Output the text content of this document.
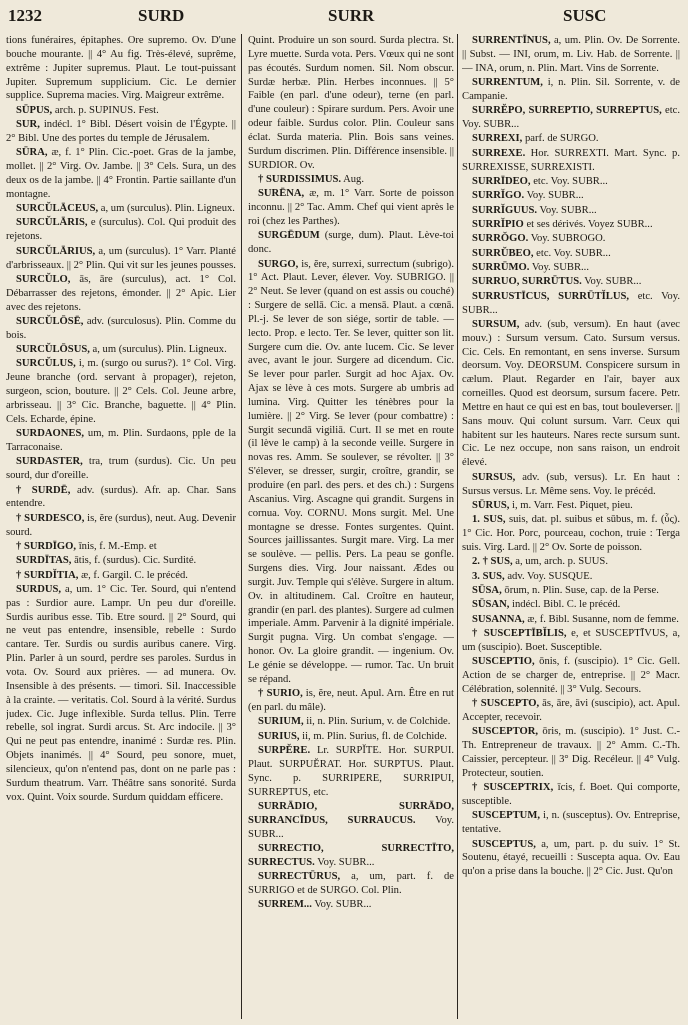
1232	SURD	SURR	SUSC

tions funéraires, épitaphes. Ore supremo. Ov. D'une bouche mourante. || 4° Au fig. Très-élevé, suprême, extrême : Jupiter supremus. Plaut. Le tout-puissant Jupiter. Supremum supplicium. Cic. Le dernier supplice. Suprema macies. Virg. Maigreur extrême.

SŪPUS, arch. p. SUPINUS. Fest.

SUR, indécl. 1° Bibl. Désert voisin de l'Égypte. || 2° Bibl. Une des portes du temple de Jérusalem.

SŪRA, æ, f. 1° Plin. Cic.-poet. Gras de la jambe, mollet. || 2° Virg. Ov. Jambe. || 3° Cels. Sura, un des deux os de la jambe. || 4° Frontin. Partie saillante d'un montagne.

SURCŬLĀCEUS, a, um (surculus). Plin. Ligneux.

SURCŬLĀRIS, e (surculus). Col. Qui produit des rejetons.

SURCŬLĀRIUS, a, um (surculus). 1° Varr. Planté d'arbrisseaux. || 2° Plin. Qui vit sur les jeunes pousses.

SURCŬLO, ās, āre (surculus), act. 1° Col. Débarrasser des rejetons, émonder. || 2° Apic. Lier avec des rejetons.

SURCŬLŌSĒ, adv. (surculosus). Plin. Comme du bois.

SURCŬLŌSUS, a, um (surculus). Plin. Ligneux.

SURCŬLUS, i, m. (surgo ou surus?). 1° Col. Virg. Jeune branche (ord. servant à propager), rejeton, surgeon, scion, bouture. || 2° Cels. Col. Jeune arbre, arbrisseau. || 3° Cic. Branche, baguette. || 4° Plin. Cels. Echarde, épine.

SURDAONES, um, m. Plin. Surdaons, pple de la Tarraconaise.

SURDASTER, tra, trum (surdus). Cic. Un peu sourd, dur d'oreille.

† SURDĒ, adv. (surdus). Afr. ap. Char. Sans entendre.

† SURDESCO, is, ĕre (surdus), neut. Aug. Devenir sourd.

† SURDĪGO, īnis, f. M.-Emp. et

SURDĪTAS, ātis, f. (surdus). Cic. Surdité.

† SURDĬTIA, æ, f. Gargil. C. le précéd.

SURDUS, a, um. 1° Cic. Ter. Sourd, qui n'entend pas : Surdior aure. Lampr. Un peu dur d'oreille. Surdis auribus esse. Tib. Etre sourd. || 2° Sourd, qui ne veut pas entendre, insensible, rebelle : Surdo cantare. Ter. Surdis ou surdis auribus canere. Virg. Plin. Parler à un sourd, perdre ses paroles. Surdus in vota. Ov. Sourd aux prières. — ad munera. Ov. Insensible à des présents. — timori. Sil. Inaccessible à la crainte. — veritatis. Col. Sourd à la vérité. Surdus judex. Cic. Juge inflexible. Surda tellus. Plin. Terre rebelle, sol ingrat. Surdi arcus. St. Arc indocile. || 3° Qui ne peut pas entendre, inanimé : Surdæ res. Plin. Objets inanimés. || 4° Sourd, peu sonore, muet, silencieux, qu'on n'entend pas, dont on ne parle pas : Surdum theatrum. Varr. Théâtre sans sonorité. Surda vox. Quint. Voix sourde. Surdum quiddam efficere.

Quint. Produire un son sourd. Surda plectra. St. Lyre muette. Surda vota. Pers. Vœux qui ne sont pas écoutés. Surdum nomen. Sil. Nom obscur. Surdæ herbæ. Plin. Herbes inconnues. || 5° Faible (en parl. d'une odeur), terne (en parl. d'une couleur) : Spirare surdum. Pers. Avoir une odeur faible. Surdus color. Plin. Couleur sans éclat. Surda materia. Plin. Bois sans veines. Surdum discrimen. Plin. Différence insensible. || SURDIOR. Ov.

† SURDISSIMUS. Aug.

SURĒNA, æ, m. 1° Varr. Sorte de poisson inconnu. || 2° Tac. Amm. Chef qui vient après le roi (chez les Parthes).

SURGĒDUM (surge, dum). Plaut. Lève-toi donc.

SURGO, is, ĕre, surrexi, surrectum (subrigo). 1° Act. Plaut. Lever, élever. Voy. SUBRIGO. || 2° Neut. Se lever (quand on est assis ou couché) : Surgere de sellā. Cic. a mensā. Plaut. a cœnā. Pl.-j. Se lever de son siége, sortir de table. — lecto. Prop. e lecto. Ter. Se lever, quitter son lit. Surgere cum die. Ov. ante lucem. Cic. Se lever avec, avant le jour. Surgere ad dicendum. Cic. Se lever pour parler. Surgit ad hoc Ajax. Ov. Ajax se lève à ces mots. Surgere ab umbris ad lumina. Virg. Quitter les ténèbres pour la lumière. || 2° Virg. Se lever (pour combattre) : Surgit secundā vigiliā. Curt. Il se met en route (il lève le camp) à la seconde veille. Surgere in novas res. Amm. Se soulever, se révolter. || 3° S'élever, se dresser, surgir, croître, grandir, se produire (en parl. des pers. et des ch.) : Surgens Ascanius. Virg. Ascagne qui grandit. Surgens in cornua. Voy. CORNU. Mons surgit. Mel. Une montagne se dresse. Fontes surgentes. Quint. Sources jaillissantes. Surgit mare. Virg. La mer se soulève. — pellis. Pers. La peau se gonfle. Surgens dies. Virg. Jour naissant. Ædes ou surgit. Juv. Temple qui s'élève. Surgere in altum. Ov. in altitudinem. Cal. Croître en hauteur, grandir (en parl. des plantes). Surgere ad culmen imperiale. Amm. Parvenir à la dignité impériale. Surgit pugna. Virg. Un combat s'engage. — honor. Ov. La gloire grandit. — ingenium. Ov. Le génie se développe. — rumor. Tac. Un bruit se répand.

† SURIO, is, ĕre, neut. Apul. Arn. Être en rut (en parl. du mâle).

SURIUM, ii, n. Plin. Surium, v. de Colchide.

SURIUS, ii, m. Plin. Surius, fl. de Colchide.

SURPĔRE. Lr. SURPĬTE. Hor. SURPUI. Plaut. SURPUĔRAT. Hor. SURPTUS. Plaut. Sync. p. SURRIPERE, SURRIPUI, SURREPTUS, etc.

SURRĀDIO, SURRĀDO, SURRANCĪDUS, SURRAUCUS. Voy. SUBR...

SURRECTIO, SURRECTĪTO, SURRECTUS. Voy. SUBR...

SURRECTŪRUS, a, um, part. f. de SURRIGO et de SURGO. Col. Plin.

SURREM... Voy. SUBR...

SURRENTĪNUS, a, um. Plin. Ov. De Sorrente. || Subst. — INI, orum, m. Liv. Hab. de Sorrente. || — INA, orum, n. Plin. Mart. Vins de Sorrente.

SURRENTUM, i, n. Plin. Sil. Sorrente, v. de Campanie.

SURRĔPO, SURREPTIO, SURREPTUS, etc. Voy. SUBR...

SURREXI, parf. de SURGO.

SURREXE. Hor. SURREXTI. Mart. Sync. p. SURREXISSE, SURREXISTI.

SURRĪDEO, etc. Voy. SUBR...

SURRĬGO. Voy. SUBR...

SURRĬGUUS. Voy. SUBR...

SURRĬPIO et ses dérivés. Voyez SUBR...

SURRŎGO. Voy. SUBROGO.

SURRŬBEO, etc. Voy. SUBR...

SURRŪMO. Voy. SUBR...

SURRUO, SURRŪTUS. Voy. SUBR...

SURRUSTĪCUS, SURRŪTĬLUS, etc. Voy. SUBR...

SURSUM, adv. (sub, versum). En haut (avec mouv.) : Sursum versum. Cato. Sursum versus. Cic. Cels. En remontant, en sens inverse. Sursum deorsum. Voy. DEORSUM. Conspicere sursum in cælum. Plaut. Regarder en l'air, bayer aux corneilles. Quod est deorsum, sursum facere. Petr. Mettre en haut ce qui est en bas, tout bouleverser. || Sans mouv. Qui colunt sursum. Varr. Ceux qui habitent sur les hauteurs. Nares recte sursum sunt. Cic. Le nez occupe, non sans raison, un endroit élevé.

SURSUS, adv. (sub, versus). Lr. En haut : Sursus versus. Lr. Même sens. Voy. le précéd.

SŪRUS, i, m. Varr. Fest. Piquet, pieu.

1. SUS, suis, dat. pl. suibus et sūbus, m. f. (ὗς). 1° Cic. Hor. Porc, pourceau, cochon, truie : Terga suis. Virg. Lard. || 2° Ov. Sorte de poisson.

2. † SUS, a, um, arch. p. SUUS.

3. SUS, adv. Voy. SUSQUE.

SŪSA, ōrum, n. Plin. Suse, cap. de la Perse.

SŪSAN, indécl. Bibl. C. le précéd.

SUSANNA, æ, f. Bibl. Susanne, nom de femme.

† SUSCEPTĪBĬLIS, e, et SUSCEPTĪVUS, a, um (suscipio). Boet. Susceptible.

SUSCEPTIO, ōnis, f. (suscipio). 1° Cic. Gell. Action de se charger de, entreprise. || 2° Macr. Célébration, solennité. || 3° Vulg. Secours.

† SUSCEPTO, ās, āre, āvi (suscipio), act. Apul. Accepter, recevoir.

SUSCEPTOR, ōris, m. (suscipio). 1° Just. C.-Th. Entrepreneur de travaux. || 2° Amm. C.-Th. Caissier, percepteur. || 3° Dig. Recéleur. || 4° Vulg. Protecteur, soutien.

† SUSCEPTRIX, īcis, f. Boet. Qui comporte, susceptible.

SUSCEPTUM, i, n. (susceptus). Ov. Entreprise, tentative.

SUSCEPTUS, a, um, part. p. du suiv. 1° St. Soutenu, étayé, recueilli : Suscepta aqua. Ov. Eau qu'on a prise dans la bouche. || 2° Cic. Just. Qu'on
